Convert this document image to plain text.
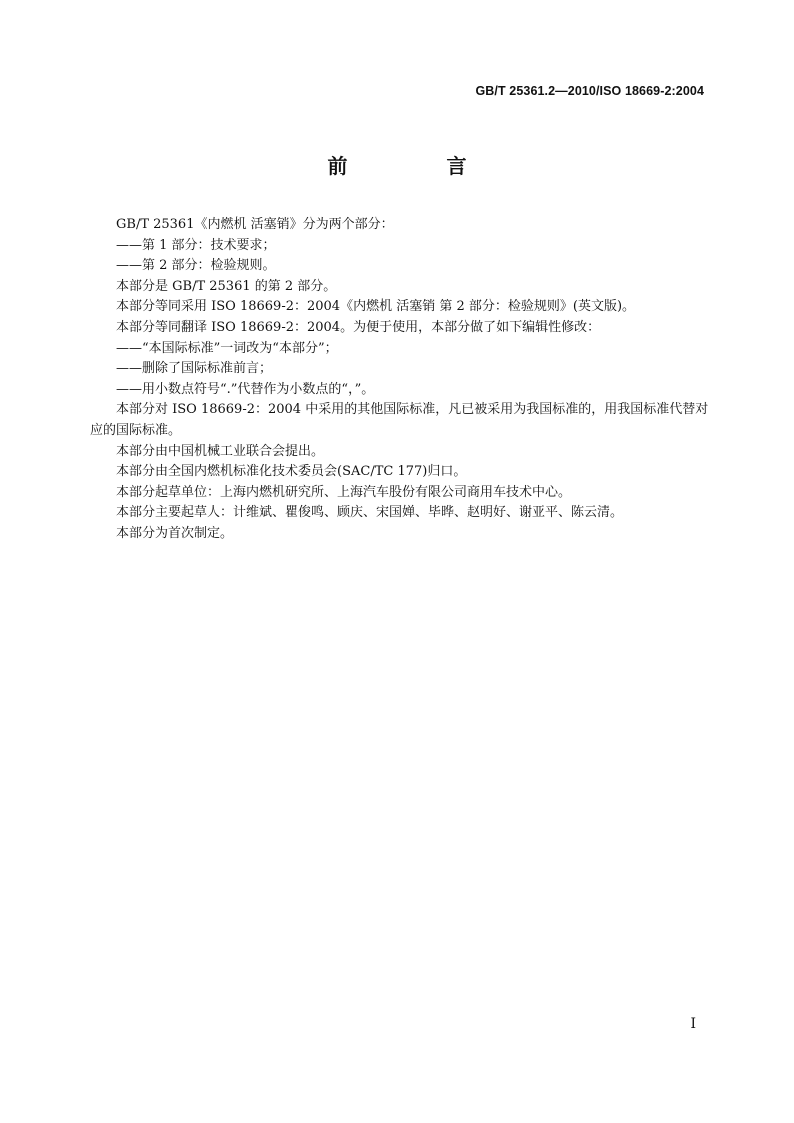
GB/T 25361.2—2010/ISO 18669-2:2004
前 言

GB/T 25361《内燃机 活塞销》分为两个部分：

——第 1 部分：技术要求；

——第 2 部分：检验规则。

本部分是 GB/T 25361 的第 2 部分。

本部分等同采用 ISO 18669-2：2004《内燃机 活塞销 第 2 部分：检验规则》(英文版)。

本部分等同翻译 ISO 18669-2：2004。为便于使用，本部分做了如下编辑性修改：

——“本国际标准”一词改为“本部分”；

——删除了国际标准前言；

——用小数点符号“.”代替作为小数点的“，”。

本部分对 ISO 18669-2：2004 中采用的其他国际标准，凡已被采用为我国标准的，用我国标准代替对应的国际标准。

本部分由中国机械工业联合会提出。

本部分由全国内燃机标准化技术委员会(SAC/TC 177)归口。

本部分起草单位：上海内燃机研究所、上海汽车股份有限公司商用车技术中心。

本部分主要起草人：计维斌、瞿俊鸣、顾庆、宋国婵、毕晔、赵明好、谢亚平、陈云清。

本部分为首次制定。

I
